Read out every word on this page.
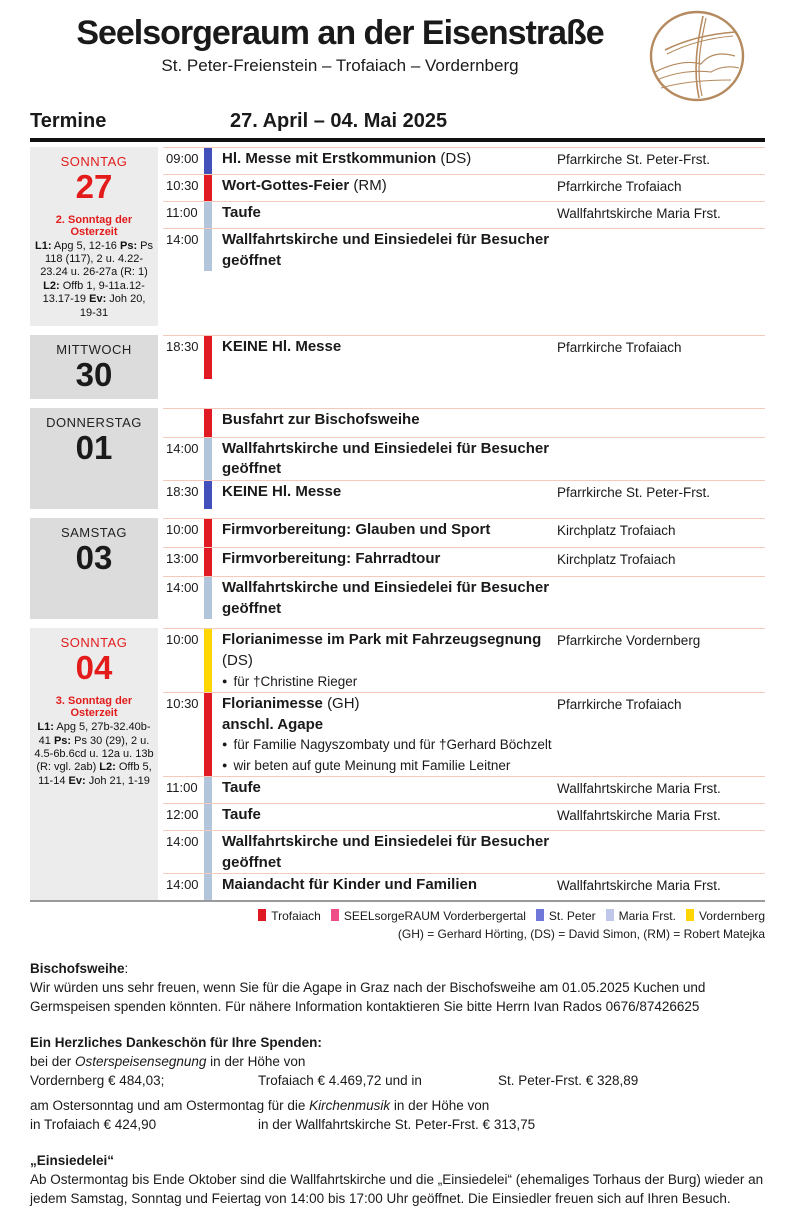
Seelsorgeraum an der Eisenstraße
St. Peter-Freienstein – Trofaiach – Vordernberg
Termine	27. April – 04. Mai 2025
SONNTAG
27
2. Sonntag der Osterzeit
L1: Apg 5, 12-16 Ps: Ps 118 (117), 2 u. 4.22-23.24 u. 26-27a (R: 1) L2: Offb 1, 9-11a.12-13.17-19 Ev: Joh 20, 19-31
09:00 Hl. Messe mit Erstkommunion (DS)	Pfarrkirche St. Peter-Frst.
10:30 Wort-Gottes-Feier (RM)	Pfarrkirche Trofaiach
11:00 Taufe	Wallfahrtskirche Maria Frst.
14:00 Wallfahrtskirche und Einsiedelei für Besucher geöffnet
MITTWOCH
30
18:30 KEINE Hl. Messe	Pfarrkirche Trofaiach
DONNERSTAG
01
Busfahrt zur Bischofsweihe
14:00 Wallfahrtskirche und Einsiedelei für Besucher geöffnet
18:30 KEINE Hl. Messe	Pfarrkirche St. Peter-Frst.
SAMSTAG
03
10:00 Firmvorbereitung: Glauben und Sport	Kirchplatz Trofaiach
13:00 Firmvorbereitung: Fahrradtour	Kirchplatz Trofaiach
14:00 Wallfahrtskirche und Einsiedelei für Besucher geöffnet
SONNTAG
04
3. Sonntag der Osterzeit
L1: Apg 5, 27b-32.40b-41 Ps: Ps 30 (29), 2 u. 4.5-6b.6cd u. 12a u. 13b (R: vgl. 2ab) L2: Offb 5, 11-14 Ev: Joh 21, 1-19
10:00 Florianimesse im Park mit Fahrzeugsegnung (DS)
● für †Christine Rieger
Pfarrkirche Vordernberg
10:30 Florianimesse (GH)
anschl. Agape
● für Familie Nagyszombaty und für †Gerhard Böchzelt
● wir beten auf gute Meinung mit Familie Leitner
Pfarrkirche Trofaiach
11:00 Taufe	Wallfahrtskirche Maria Frst.
12:00 Taufe	Wallfahrtskirche Maria Frst.
14:00 Wallfahrtskirche und Einsiedelei für Besucher geöffnet
14:00 Maiandacht für Kinder und Familien	Wallfahrtskirche Maria Frst.
Trofaiach SEELsorgeRAUM Vorderbergertal St. Peter Maria Frst. Vordernberg
(GH) = Gerhard Hörting, (DS) = David Simon, (RM) = Robert Matejka
Bischofsweihe:
Wir würden uns sehr freuen, wenn Sie für die Agape in Graz nach der Bischofsweihe am 01.05.2025 Kuchen und Germspeisen spenden könnten. Für nähere Information kontaktieren Sie bitte Herrn Ivan Rados 0676/87426625
Ein Herzliches Dankeschön für Ihre Spenden:
bei der Osterspeisensegnung in der Höhe von
Vordernberg € 484,03;	Trofaiach € 4.469,72 und in	St. Peter-Frst. € 328,89
am Ostersonntag und am Ostermontag für die Kirchenmusik in der Höhe von
in Trofaiach € 424,90	in der Wallfahrtskirche St. Peter-Frst. € 313,75
„Einsiedelei“
Ab Ostermontag bis Ende Oktober sind die Wallfahrtskirche und die „Einsiedelei“ (ehemaliges Torhaus der Burg) wieder an jedem Samstag, Sonntag und Feiertag von 14:00 bis 17:00 Uhr geöffnet. Die Einsiedler freuen sich auf Ihren Besuch.
